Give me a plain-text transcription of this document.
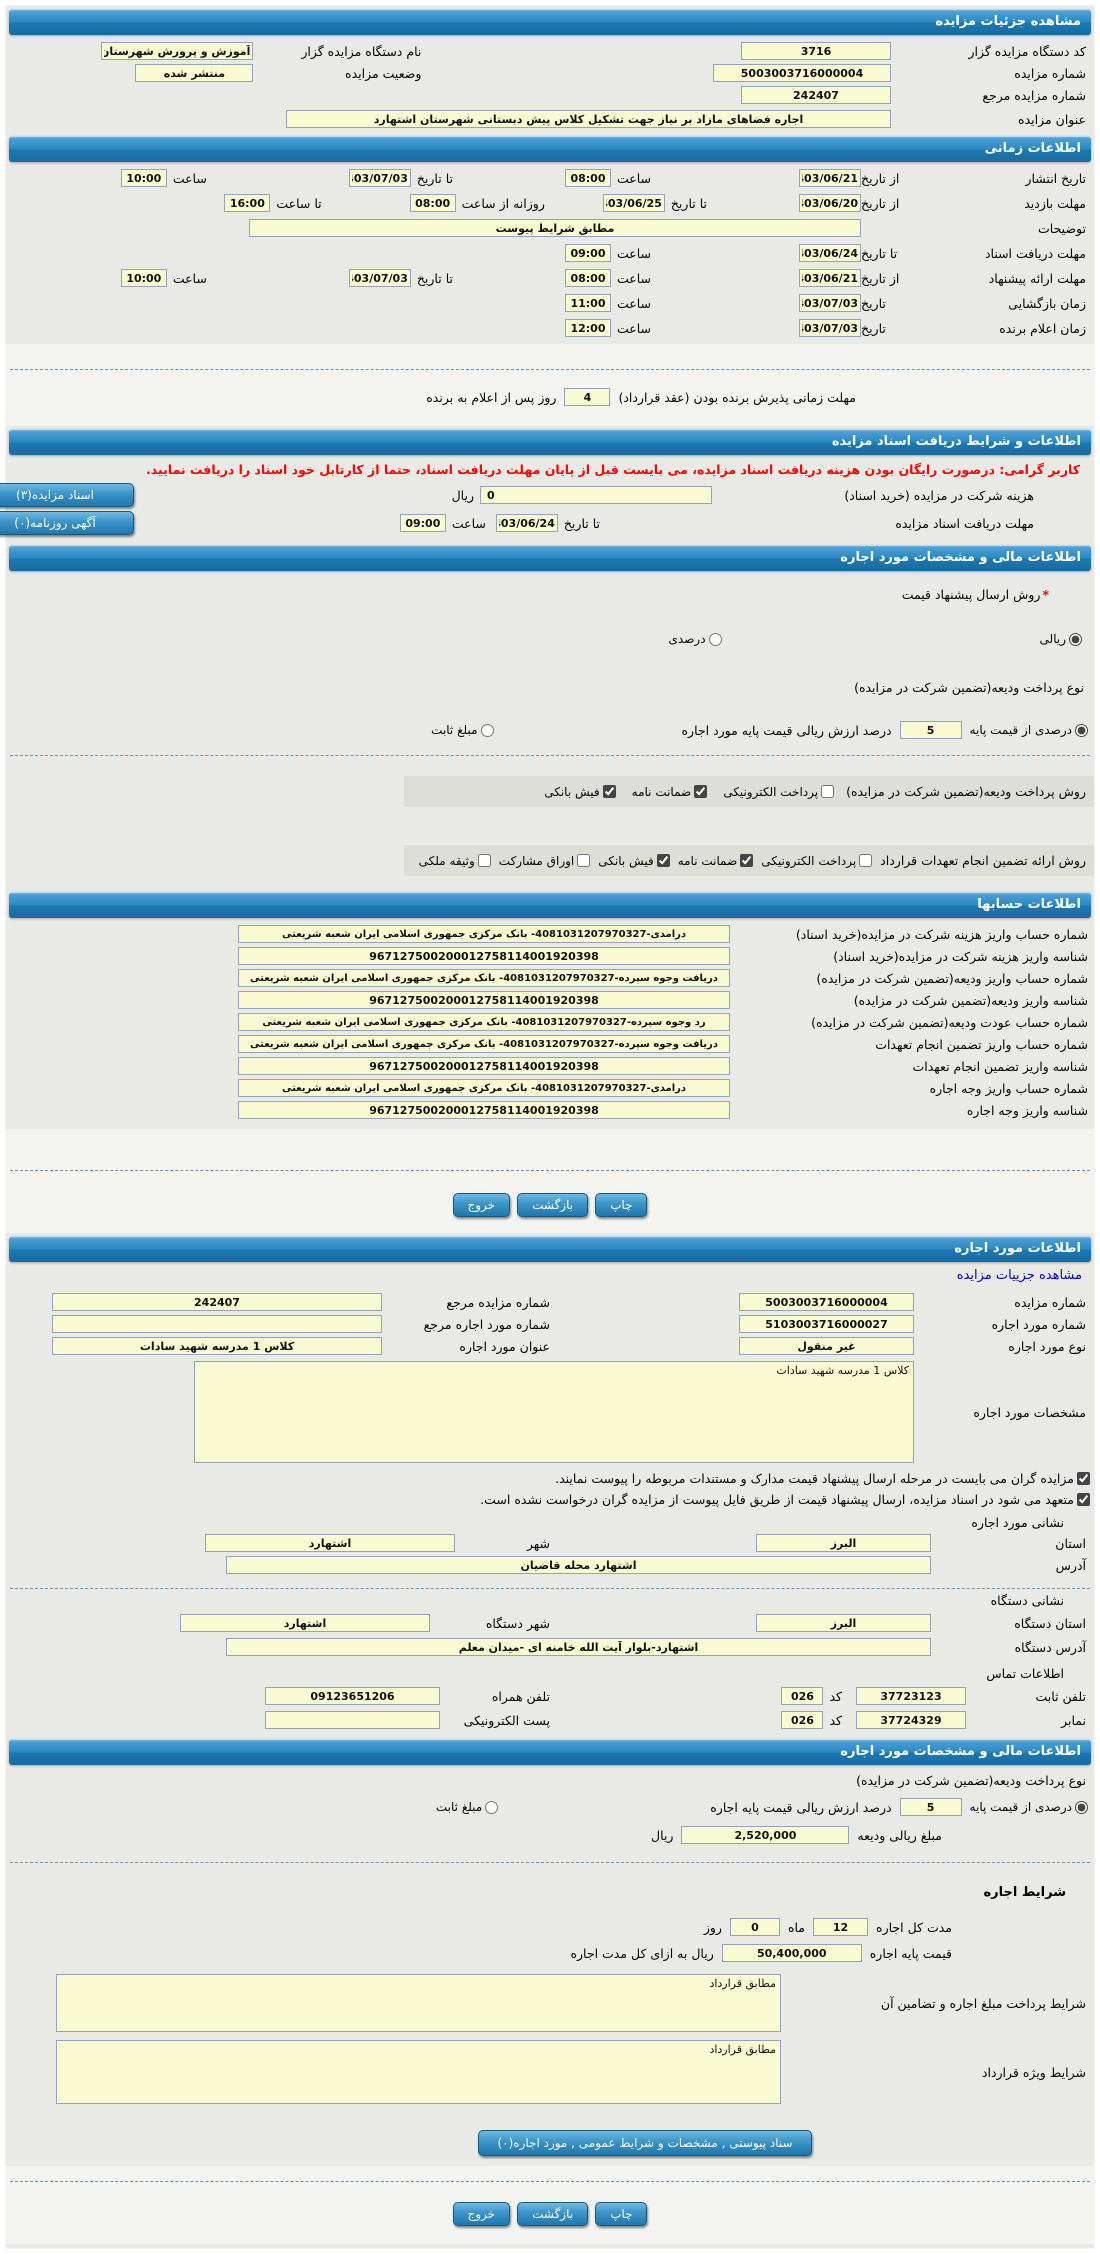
مشاهده جزئیات مزایده
کد دستگاه مزایده گزار
3716
نام دستگاه مزایده گزار
آموزش و پرورش شهرستان
شماره مزایده
5003003716000004
وضعیت مزایده
منتشر شده
شماره مزایده مرجع
242407
عنوان مزایده
اجاره فضاهای مازاد بر نیاز جهت تشکیل کلاس پیش دبستانی شهرستان اشتهارد
اطلاعات زمانی
تاریخ انتشار
از تاریخ
1403/06/21
ساعت
08:00
تا تاریخ
1403/07/03
ساعت
10:00
مهلت بازدید
از تاریخ
1403/06/20
تا تاریخ
1403/06/25
روزانه از ساعت
08:00
تا ساعت
16:00
توضیحات
مطابق شرایط پیوست
مهلت دریافت اسناد
تا تاریخ
1403/06/24
ساعت
09:00
مهلت ارائه پیشنهاد
از تاریخ
1403/06/21
ساعت
08:00
تا تاریخ
1403/07/03
ساعت
10:00
زمان بازگشایی
تاریخ
1403/07/03
ساعت
11:00
زمان اعلام برنده
تاریخ
1403/07/03
ساعت
12:00
مهلت زمانی پذیرش برنده بودن (عقد قرارداد)
4
روز پس از اعلام به برنده
اطلاعات و شرایط دریافت اسناد مزایده
کاربر گرامی: درصورت رایگان بودن هزینه دریافت اسناد مزایده، می بایست قبل از پایان مهلت دریافت اسناد، حتما از کارتابل خود اسناد را دریافت نمایید.
هزینه شرکت در مزایده (خرید اسناد)
0
ریال
اسناد مزایده(۳)
مهلت دریافت اسناد مزایده
تا تاریخ
1403/06/24
ساعت
09:00
آگهی روزنامه(۰)
اطلاعات مالی و مشخصات مورد اجاره
*
روش ارسال پیشنهاد قیمت
ریالی
درصدی
نوع پرداخت ودیعه(تضمین شرکت در مزایده)
درصدی از قیمت پایه
5
درصد ارزش ریالی قیمت پایه مورد اجاره
مبلغ ثابت
روش پرداخت ودیعه(تضمین شرکت در مزایده)
پرداخت الکترونیکی
ضمانت نامه
فیش بانکی
روش ارائه تضمین انجام تعهدات قرارداد
پرداخت الکترونیکی
ضمانت نامه
فیش بانکی
اوراق مشارکت
وثیقه ملکی
اطلاعات حسابها
شماره حساب واریز هزینه شرکت در مزایده(خرید اسناد)
درآمدی-4081031207970327- بانک مرکزی جمهوری اسلامی ایران شعبه شریعتی
شناسه واریز هزینه شرکت در مزایده(خرید اسناد)
967127500200012758114001920398
شماره حساب واریز ودیعه(تضمین شرکت در مزایده)
دریافت وجوه سپرده-4081031207970327- بانک مرکزی جمهوری اسلامی ایران شعبه شریعتی
شناسه واریز ودیعه(تضمین شرکت در مزایده)
967127500200012758114001920398
شماره حساب عودت ودیعه(تضمین شرکت در مزایده)
رد وجوه سپرده-4081031207970327- بانک مرکزی جمهوری اسلامی ایران شعبه شریعتی
شماره حساب واریز تضمین انجام تعهدات
دریافت وجوه سپرده-4081031207970327- بانک مرکزی جمهوری اسلامی ایران شعبه شریعتی
شناسه واریز تضمین انجام تعهدات
967127500200012758114001920398
شماره حساب واریز وجه اجاره
درآمدی-4081031207970327- بانک مرکزی جمهوری اسلامی ایران شعبه شریعتی
شناسه واریز وجه اجاره
967127500200012758114001920398
چاپ
بازگشت
خروج
اطلاعات مورد اجاره
مشاهده جزییات مزایده
شماره مزایده
5003003716000004
شماره مزایده مرجع
242407
شماره مورد اجاره
5103003716000027
شماره مورد اجاره مرجع
نوع مورد اجاره
غیر منقول
عنوان مورد اجاره
کلاس 1 مدرسه شهید سادات
مشخصات مورد اجاره
کلاس 1 مدرسه شهید سادات
مزایده گران می بایست در مرحله ارسال پیشنهاد قیمت مدارک و مستندات مربوطه را پیوست نمایند.
متعهد می شود در اسناد مزایده، ارسال پیشنهاد قیمت از طریق فایل پیوست از مزایده گران درخواست نشده است.
نشانی مورد اجاره
استان
البرز
شهر
اشتهارد
آدرس
اشتهارد محله قاضیان
نشانی دستگاه
استان دستگاه
البرز
شهر دستگاه
اشتهارد
آدرس دستگاه
اشتهارد-بلوار آیت الله خامنه ای -میدان معلم
اطلاعات تماس
تلفن ثابت
37723123
کد
026
تلفن همراه
09123651206
نمابر
37724329
کد
026
پست الکترونیکی
اطلاعات مالی و مشخصات مورد اجاره
نوع پرداخت ودیعه(تضمین شرکت در مزایده)
درصدی از قیمت پایه
5
درصد ارزش ریالی قیمت پایه اجاره
مبلغ ثابت
مبلغ ریالی ودیعه
2,520,000
ریال
شرایط اجاره
مدت کل اجاره
12
ماه
0
روز
قیمت پایه اجاره
50,400,000
ریال به ازای کل مدت اجاره
شرایط پرداخت مبلغ اجاره و تضامین آن
مطابق قرارداد
شرایط ویژه قرارداد
مطابق قرارداد
سناد پیوستی , مشخصات و شرایط عمومی , مورد اجاره(۰)
چاپ
بازگشت
خروج
